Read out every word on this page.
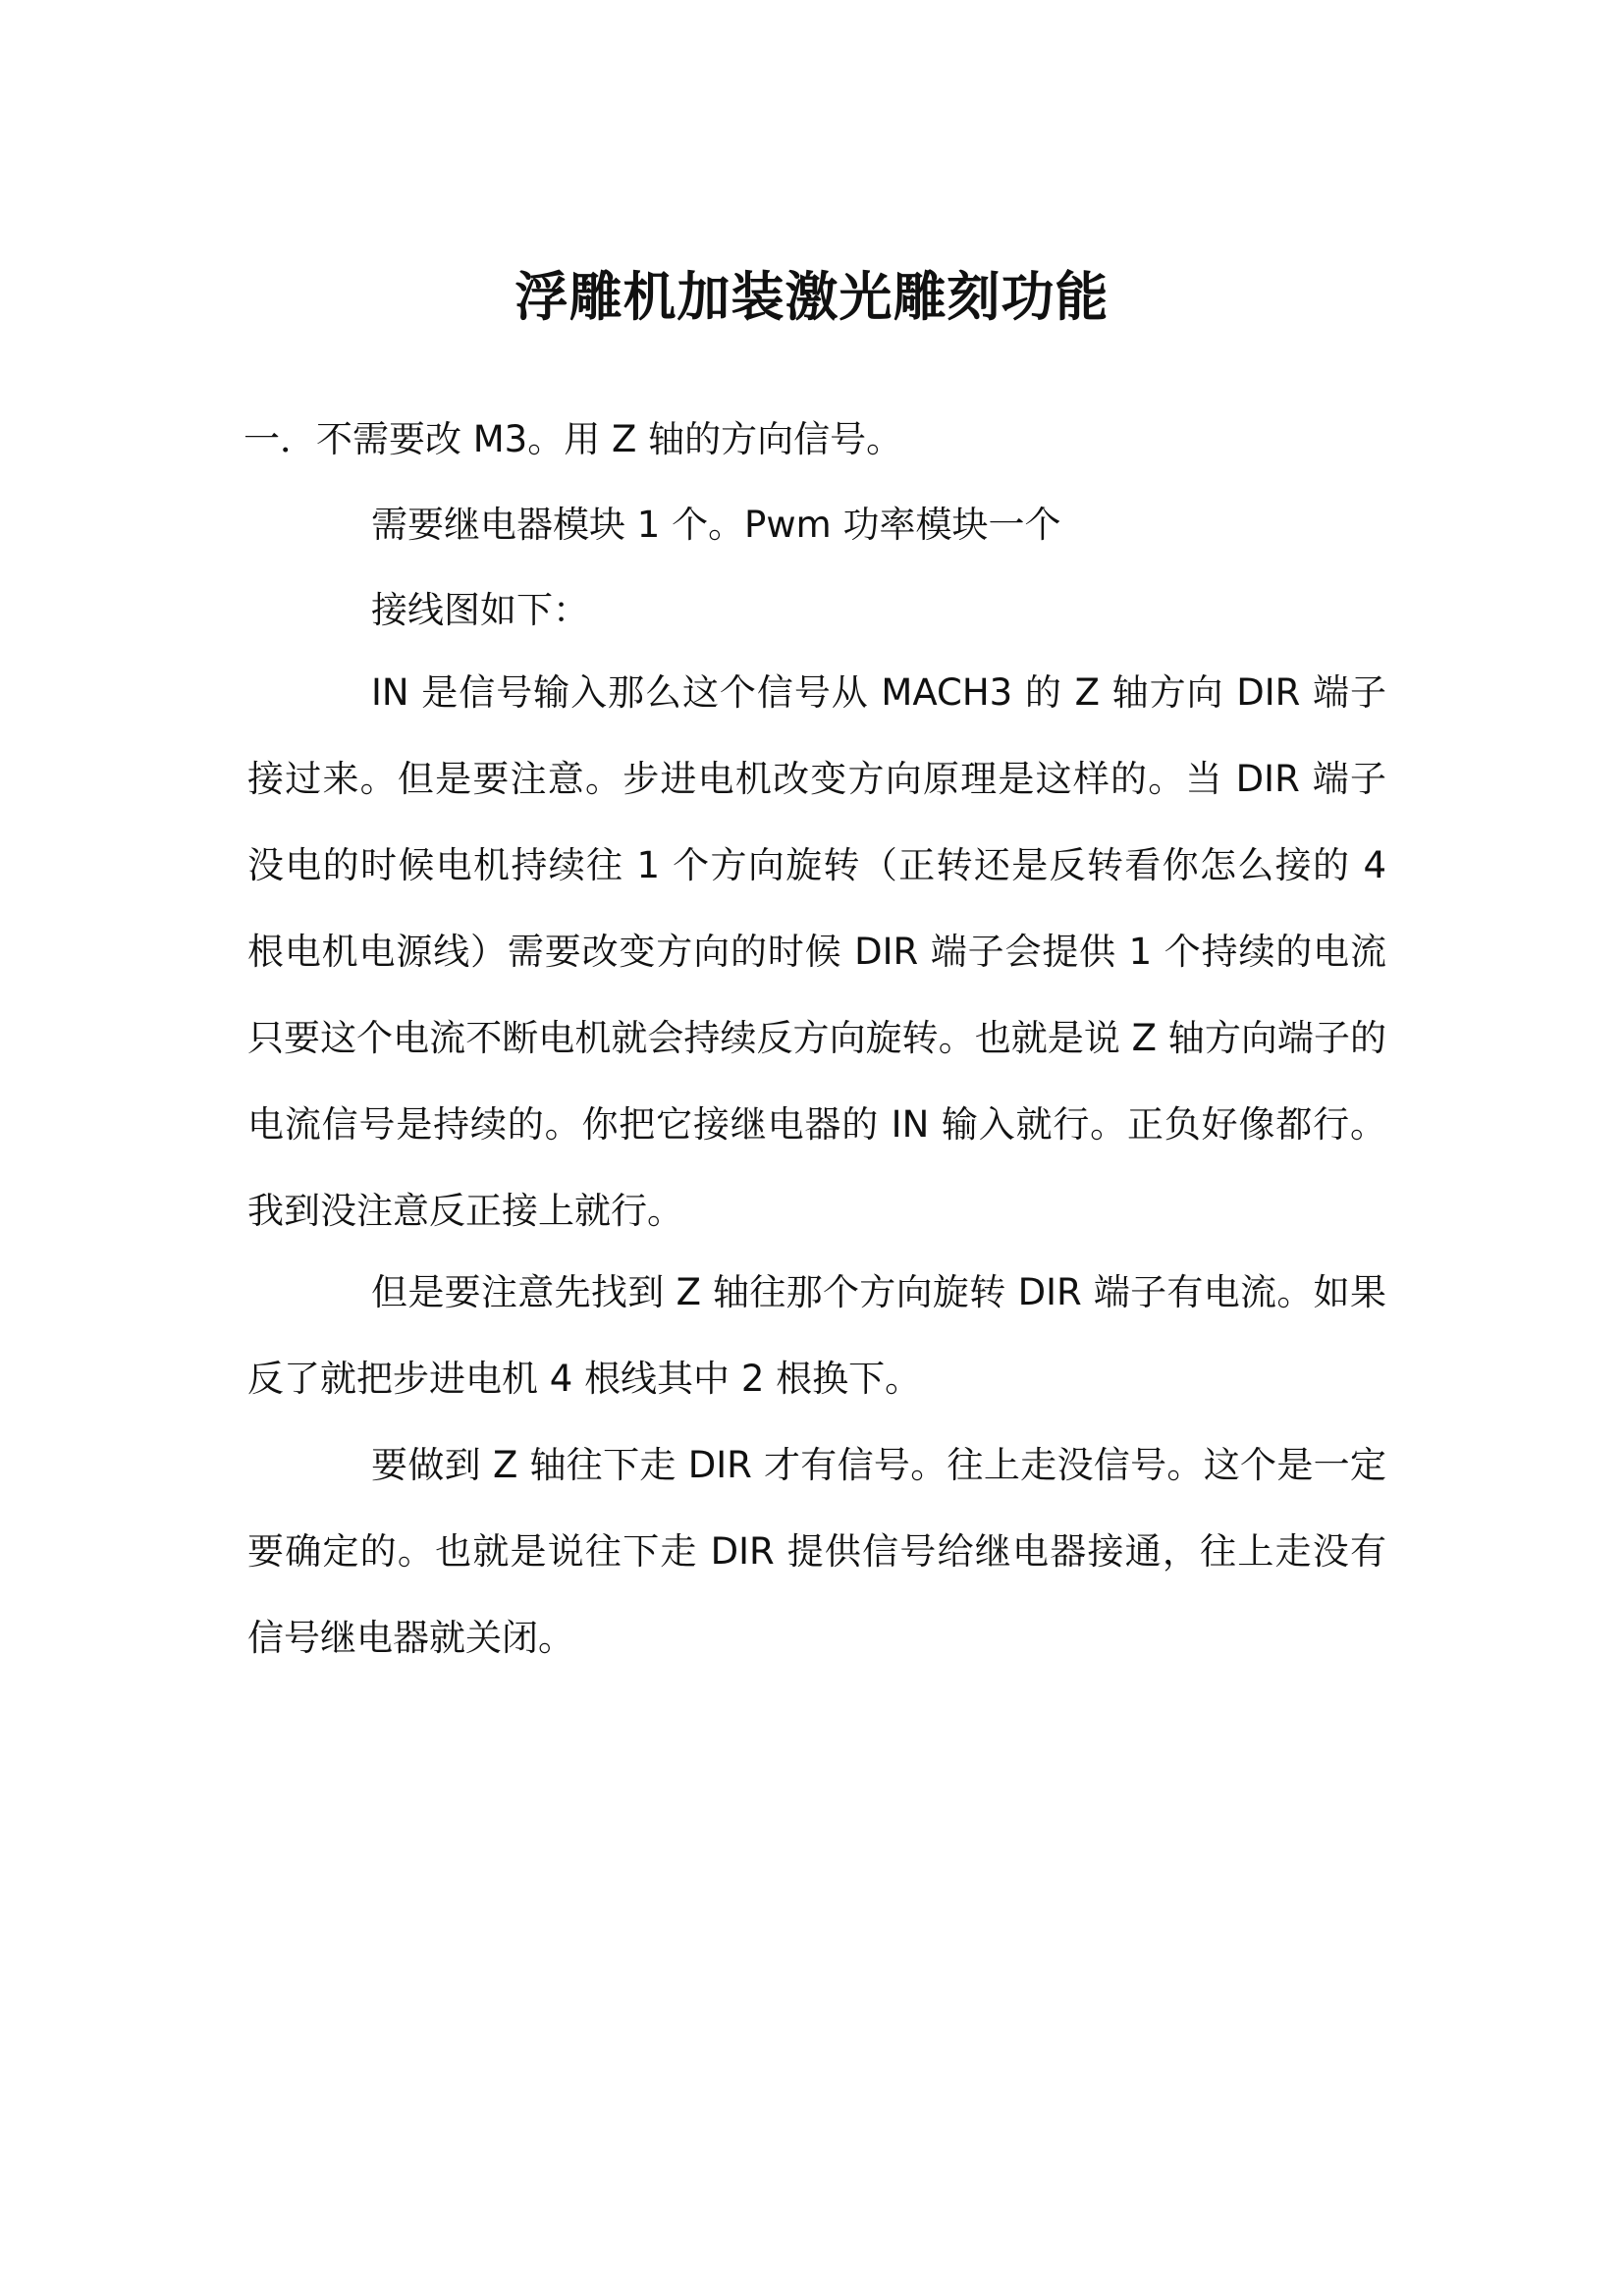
浮雕机加装激光雕刻功能

一．不需要改 M3。用 Z 轴的方向信号。

需要继电器模块 1 个。Pwm 功率模块一个

接线图如下：

IN 是信号输入那么这个信号从 MACH3 的 Z 轴方向 DIR 端子接过来。但是要注意。步进电机改变方向原理是这样的。当 DIR 端子没电的时候电机持续往 1 个方向旋转（正转还是反转看你怎么接的 4 根电机电源线）需要改变方向的时候 DIR 端子会提供 1 个持续的电流只要这个电流不断电机就会持续反方向旋转。也就是说 Z 轴方向端子的电流信号是持续的。你把它接继电器的 IN 输入就行。正负好像都行。我到没注意反正接上就行。

但是要注意先找到 Z 轴往那个方向旋转 DIR 端子有电流。如果反了就把步进电机 4 根线其中 2 根换下。

要做到 Z 轴往下走 DIR 才有信号。往上走没信号。这个是一定要确定的。也就是说往下走 DIR 提供信号给继电器接通，往上走没有信号继电器就关闭。
